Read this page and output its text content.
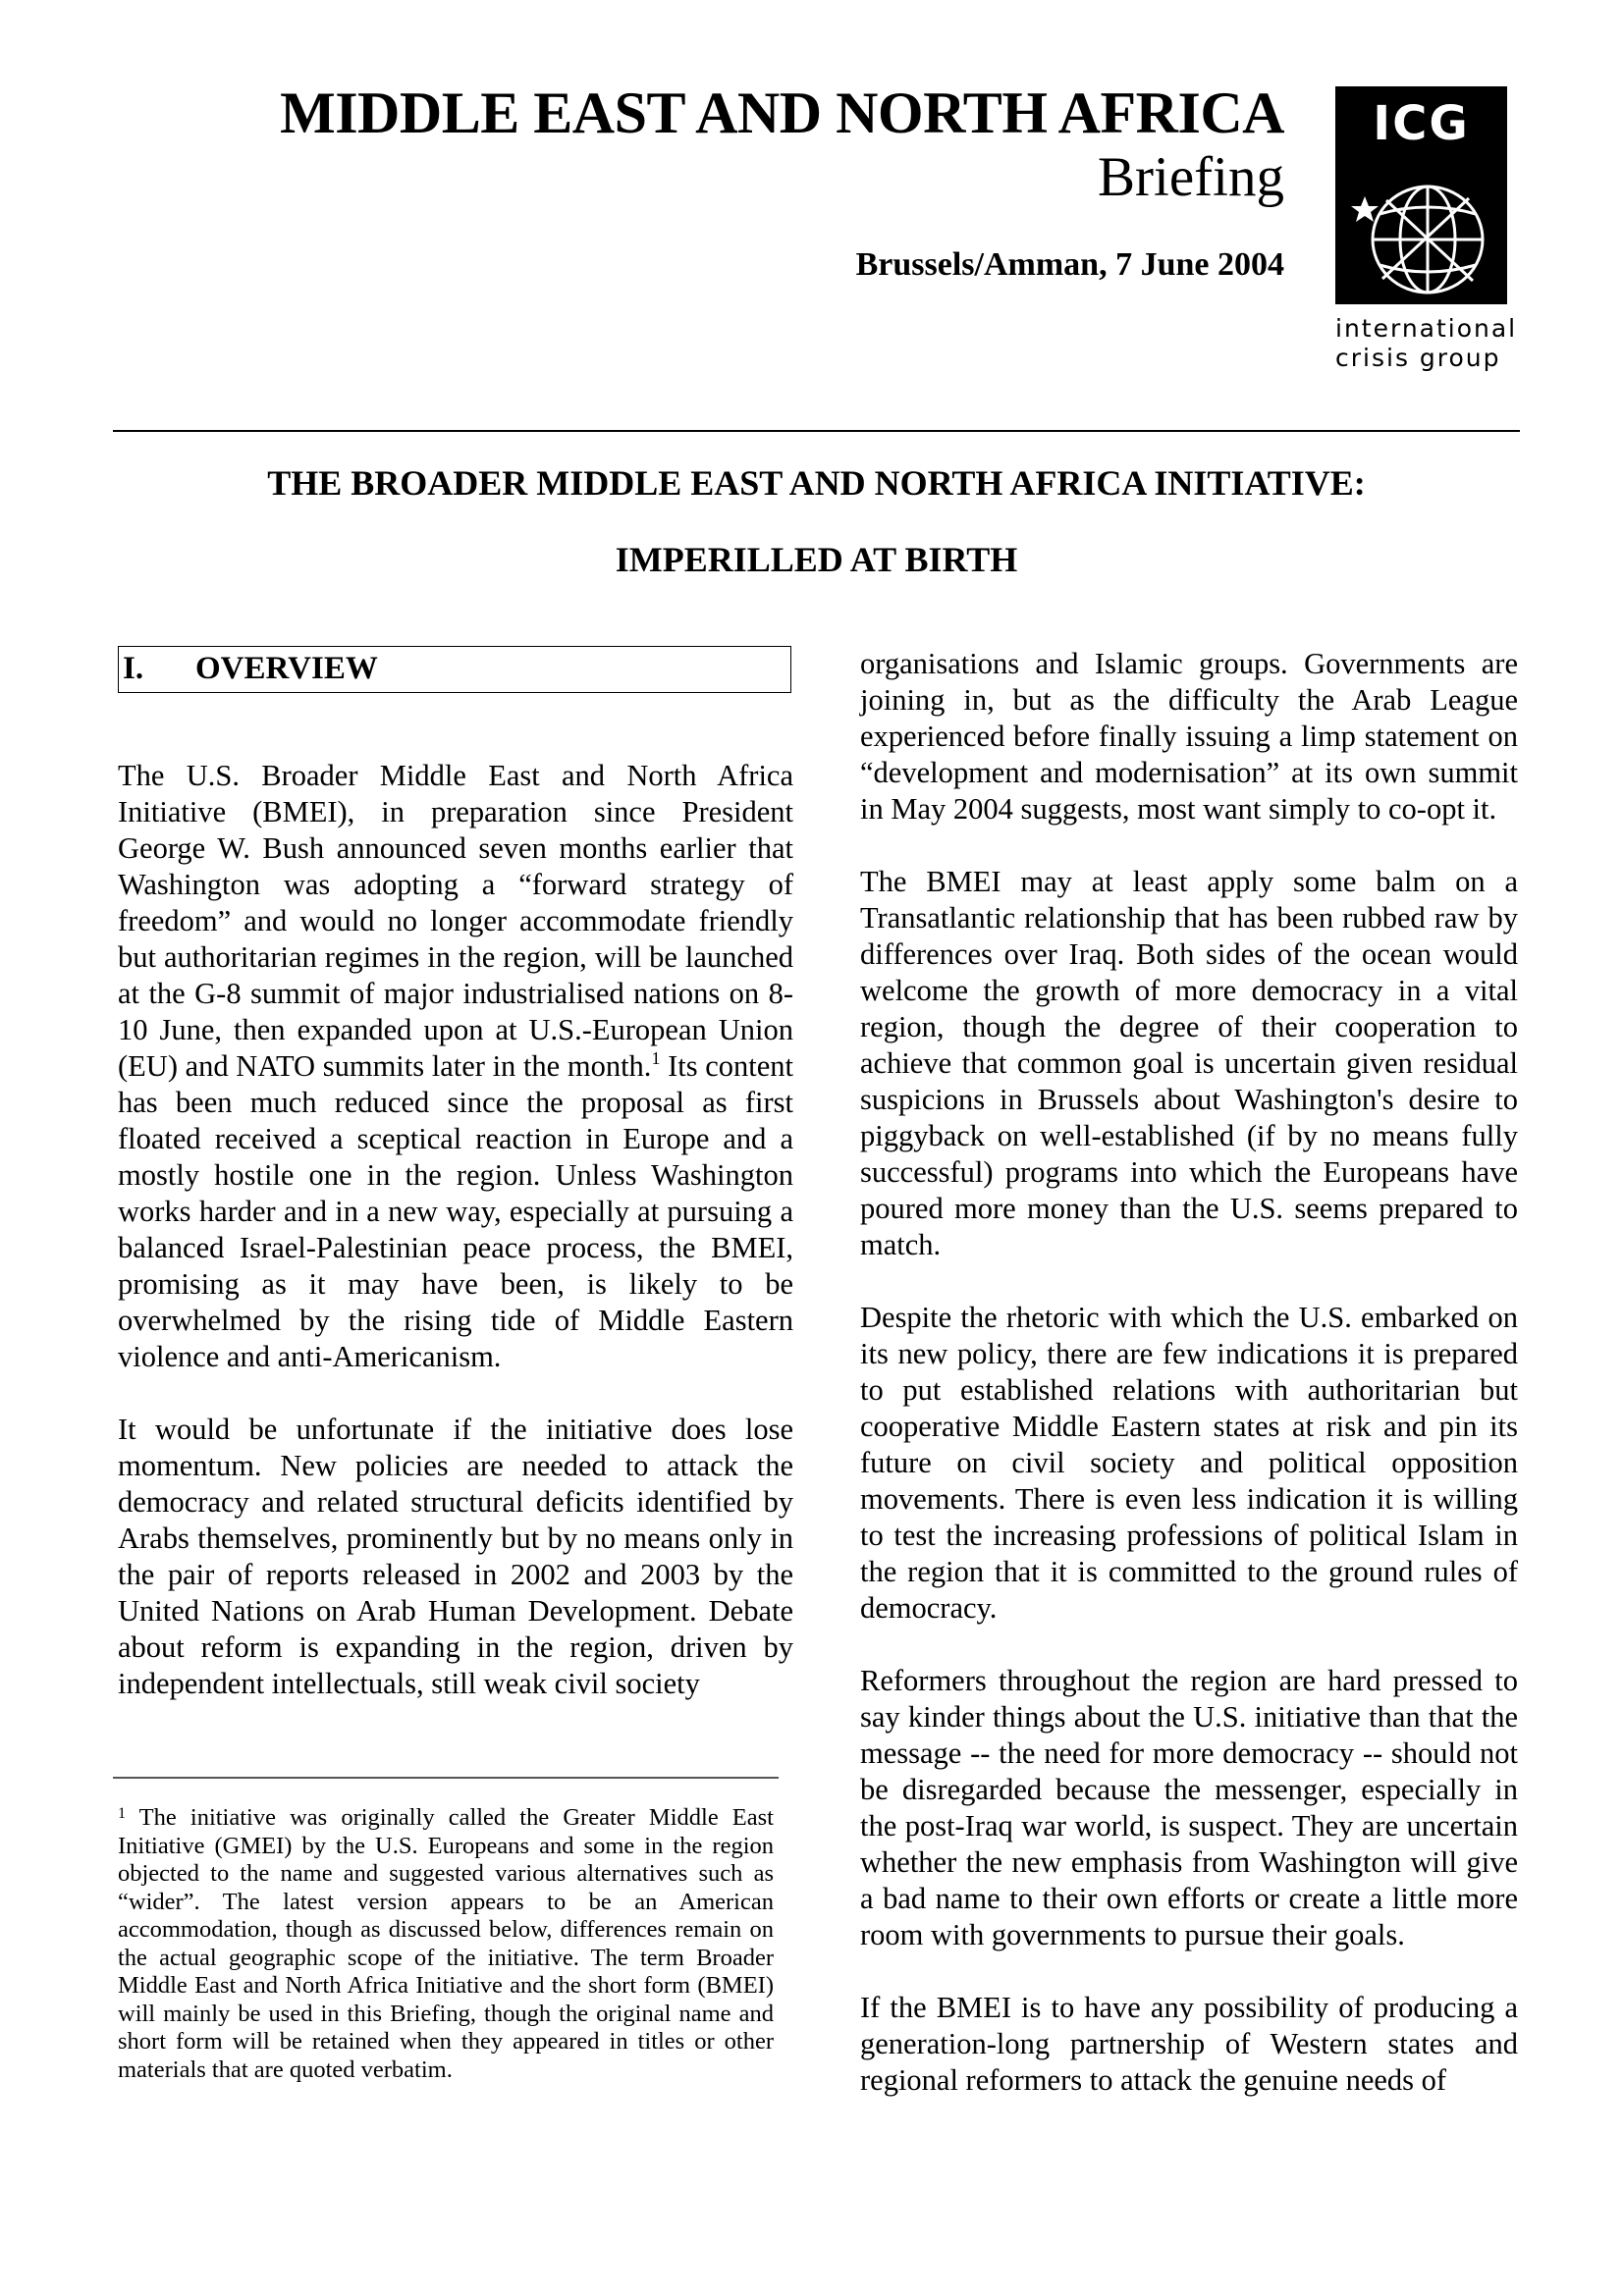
MIDDLE EAST AND NORTH AFRICA
Briefing
Brussels/Amman, 7 June 2004
ICG
international
crisis group
THE BROADER MIDDLE EAST AND NORTH AFRICA INITIATIVE:
IMPERILLED AT BIRTH
I. OVERVIEW

The U.S. Broader Middle East and North Africa Initiative (BMEI), in preparation since President George W. Bush announced seven months earlier that Washington was adopting a “forward strategy of freedom” and would no longer accommodate friendly but authoritarian regimes in the region, will be launched at the G-8 summit of major industrialised nations on 8-10 June, then expanded upon at U.S.-European Union (EU) and NATO summits later in the month.$^1$ Its content has been much reduced since the proposal as first floated received a sceptical reaction in Europe and a mostly hostile one in the region. Unless Washington works harder and in a new way, especially at pursuing a balanced Israel-Palestinian peace process, the BMEI, promising as it may have been, is likely to be overwhelmed by the rising tide of Middle Eastern violence and anti-Americanism.

It would be unfortunate if the initiative does lose momentum. New policies are needed to attack the democracy and related structural deficits identified by Arabs themselves, prominently but by no means only in the pair of reports released in 2002 and 2003 by the United Nations on Arab Human Development. Debate about reform is expanding in the region, driven by independent intellectuals, still weak civil society

organisations and Islamic groups. Governments are joining in, but as the difficulty the Arab League experienced before finally issuing a limp statement on “development and modernisation” at its own summit in May 2004 suggests, most want simply to co-opt it.

The BMEI may at least apply some balm on a Transatlantic relationship that has been rubbed raw by differences over Iraq. Both sides of the ocean would welcome the growth of more democracy in a vital region, though the degree of their cooperation to achieve that common goal is uncertain given residual suspicions in Brussels about Washington's desire to piggyback on well-established (if by no means fully successful) programs into which the Europeans have poured more money than the U.S. seems prepared to match.

Despite the rhetoric with which the U.S. embarked on its new policy, there are few indications it is prepared to put established relations with authoritarian but cooperative Middle Eastern states at risk and pin its future on civil society and political opposition movements. There is even less indication it is willing to test the increasing professions of political Islam in the region that it is committed to the ground rules of democracy.

Reformers throughout the region are hard pressed to say kinder things about the U.S. initiative than that the message -- the need for more democracy -- should not be disregarded because the messenger, especially in the post-Iraq war world, is suspect. They are uncertain whether the new emphasis from Washington will give a bad name to their own efforts or create a little more room with governments to pursue their goals.

If the BMEI is to have any possibility of producing a generation-long partnership of Western states and regional reformers to attack the genuine needs of

$^1$ The initiative was originally called the Greater Middle East Initiative (GMEI) by the U.S. Europeans and some in the region objected to the name and suggested various alternatives such as “wider”. The latest version appears to be an American accommodation, though as discussed below, differences remain on the actual geographic scope of the initiative. The term Broader Middle East and North Africa Initiative and the short form (BMEI) will mainly be used in this Briefing, though the original name and short form will be retained when they appeared in titles or other materials that are quoted verbatim.
